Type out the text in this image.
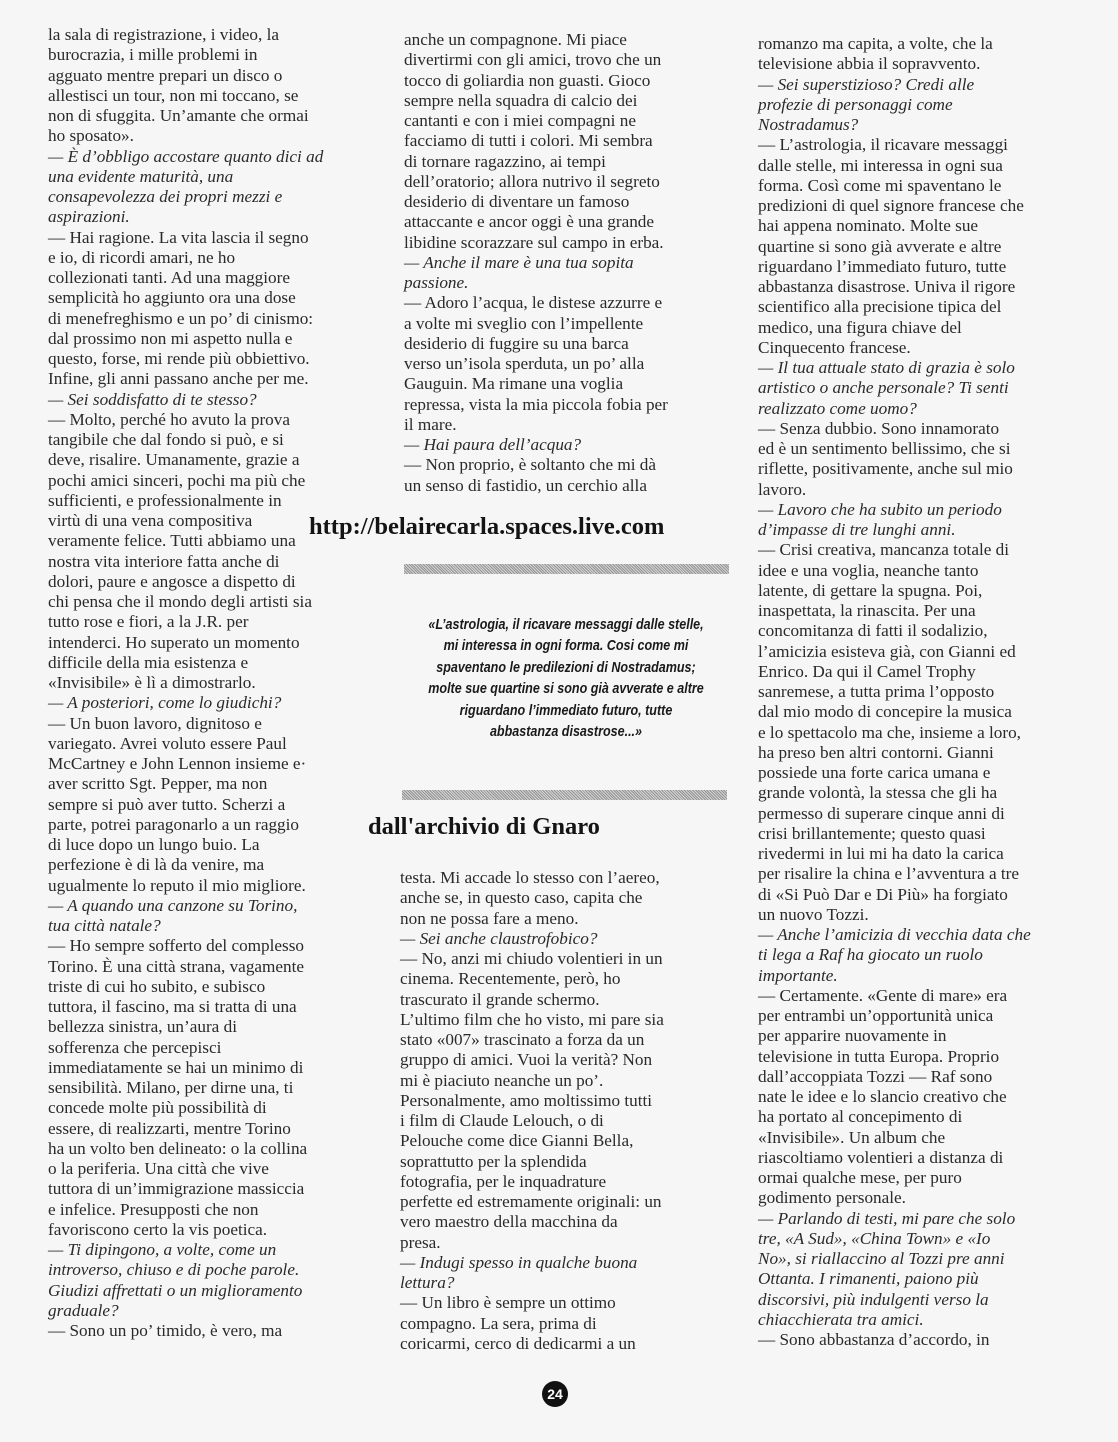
la sala di registrazione, i video, la
burocrazia, i mille problemi in
agguato mentre prepari un disco o
allestisci un tour, non mi toccano, se
non di sfuggita. Un’amante che ormai
ho sposato».
— È d’obbligo accostare quanto dici ad
una evidente maturità, una
consapevolezza dei propri mezzi e
aspirazioni.
— Hai ragione. La vita lascia il segno
e io, di ricordi amari, ne ho
collezionati tanti. Ad una maggiore
semplicità ho aggiunto ora una dose
di menefreghismo e un po’ di cinismo:
dal prossimo non mi aspetto nulla e
questo, forse, mi rende più obbiettivo.
Infine, gli anni passano anche per me.
— Sei soddisfatto di te stesso?
— Molto, perché ho avuto la prova
tangibile che dal fondo si può, e si
deve, risalire. Umanamente, grazie a
pochi amici sinceri, pochi ma più che
sufficienti, e professionalmente in
virtù di una vena compositiva
veramente felice. Tutti abbiamo una
nostra vita interiore fatta anche di
dolori, paure e angosce a dispetto di
chi pensa che il mondo degli artisti sia
tutto rose e fiori, a la J.R. per
intenderci. Ho superato un momento
difficile della mia esistenza e
«Invisibile» è lì a dimostrarlo.
— A posteriori, come lo giudichi?
— Un buon lavoro, dignitoso e
variegato. Avrei voluto essere Paul
McCartney e John Lennon insieme e·
aver scritto Sgt. Pepper, ma non
sempre si può aver tutto. Scherzi a
parte, potrei paragonarlo a un raggio
di luce dopo un lungo buio. La
perfezione è di là da venire, ma
ugualmente lo reputo il mio migliore.
— A quando una canzone su Torino,
tua città natale?
— Ho sempre sofferto del complesso
Torino. È una città strana, vagamente
triste di cui ho subito, e subisco
tuttora, il fascino, ma si tratta di una
bellezza sinistra, un’aura di
sofferenza che percepisci
immediatamente se hai un minimo di
sensibilità. Milano, per dirne una, ti
concede molte più possibilità di
essere, di realizzarti, mentre Torino
ha un volto ben delineato: o la collina
o la periferia. Una città che vive
tuttora di un’immigrazione massiccia
e infelice. Presupposti che non
favoriscono certo la vis poetica.
— Ti dipingono, a volte, come un
introverso, chiuso e di poche parole.
Giudizi affrettati o un miglioramento
graduale?
— Sono un po’ timido, è vero, ma
anche un compagnone. Mi piace
divertirmi con gli amici, trovo che un
tocco di goliardia non guasti. Gioco
sempre nella squadra di calcio dei
cantanti e con i miei compagni ne
facciamo di tutti i colori. Mi sembra
di tornare ragazzino, ai tempi
dell’oratorio; allora nutrivo il segreto
desiderio di diventare un famoso
attaccante e ancor oggi è una grande
libidine scorazzare sul campo in erba.
— Anche il mare è una tua sopita
passione.
— Adoro l’acqua, le distese azzurre e
a volte mi sveglio con l’impellente
desiderio di fuggire su una barca
verso un’isola sperduta, un po’ alla
Gauguin. Ma rimane una voglia
repressa, vista la mia piccola fobia per
il mare.
— Hai paura dell’acqua?
— Non proprio, è soltanto che mi dà
un senso di fastidio, un cerchio alla
«L’astrologia, il ricavare messaggi dalle stelle,
mi interessa in ogni forma. Cosi come mi
spaventano le predilezioni di Nostradamus;
molte sue quartine si sono già avverate e altre
riguardano l’immediato futuro, tutte
abbastanza disastrose...»
testa. Mi accade lo stesso con l’aereo,
anche se, in questo caso, capita che
non ne possa fare a meno.
— Sei anche claustrofobico?
— No, anzi mi chiudo volentieri in un
cinema. Recentemente, però, ho
trascurato il grande schermo.
L’ultimo film che ho visto, mi pare sia
stato «007» trascinato a forza da un
gruppo di amici. Vuoi la verità? Non
mi è piaciuto neanche un po’.
Personalmente, amo moltissimo tutti
i film di Claude Lelouch, o di
Pelouche come dice Gianni Bella,
soprattutto per la splendida
fotografia, per le inquadrature
perfette ed estremamente originali: un
vero maestro della macchina da
presa.
— Indugi spesso in qualche buona
lettura?
— Un libro è sempre un ottimo
compagno. La sera, prima di
coricarmi, cerco di dedicarmi a un
romanzo ma capita, a volte, che la
televisione abbia il sopravvento.
— Sei superstizioso? Credi alle
profezie di personaggi come
Nostradamus?
— L’astrologia, il ricavare messaggi
dalle stelle, mi interessa in ogni sua
forma. Così come mi spaventano le
predizioni di quel signore francese che
hai appena nominato. Molte sue
quartine si sono già avverate e altre
riguardano l’immediato futuro, tutte
abbastanza disastrose. Univa il rigore
scientifico alla precisione tipica del
medico, una figura chiave del
Cinquecento francese.
— Il tua attuale stato di grazia è solo
artistico o anche personale? Ti senti
realizzato come uomo?
— Senza dubbio. Sono innamorato
ed è un sentimento bellissimo, che si
riflette, positivamente, anche sul mio
lavoro.
— Lavoro che ha subito un periodo
d’impasse di tre lunghi anni.
— Crisi creativa, mancanza totale di
idee e una voglia, neanche tanto
latente, di gettare la spugna. Poi,
inaspettata, la rinascita. Per una
concomitanza di fatti il sodalizio,
l’amicizia esisteva già, con Gianni ed
Enrico. Da qui il Camel Trophy
sanremese, a tutta prima l’opposto
dal mio modo di concepire la musica
e lo spettacolo ma che, insieme a loro,
ha preso ben altri contorni. Gianni
possiede una forte carica umana e
grande volontà, la stessa che gli ha
permesso di superare cinque anni di
crisi brillantemente; questo quasi
rivedermi in lui mi ha dato la carica
per risalire la china e l’avventura a tre
di «Si Può Dar e Di Più» ha forgiato
un nuovo Tozzi.
— Anche l’amicizia di vecchia data che
ti lega a Raf ha giocato un ruolo
importante.
— Certamente. «Gente di mare» era
per entrambi un’opportunità unica
per apparire nuovamente in
televisione in tutta Europa. Proprio
dall’accoppiata Tozzi — Raf sono
nate le idee e lo slancio creativo che
ha portato al concepimento di
«Invisibile». Un album che
riascoltiamo volentieri a distanza di
ormai qualche mese, per puro
godimento personale.
— Parlando di testi, mi pare che solo
tre, «A Sud», «China Town» e «Io
No», si riallaccino al Tozzi pre anni
Ottanta. I rimanenti, paiono più
discorsivi, più indulgenti verso la
chiacchierata tra amici.
— Sono abbastanza d’accordo, in
http://belairecarla.spaces.live.com
dall'archivio di Gnaro
24
